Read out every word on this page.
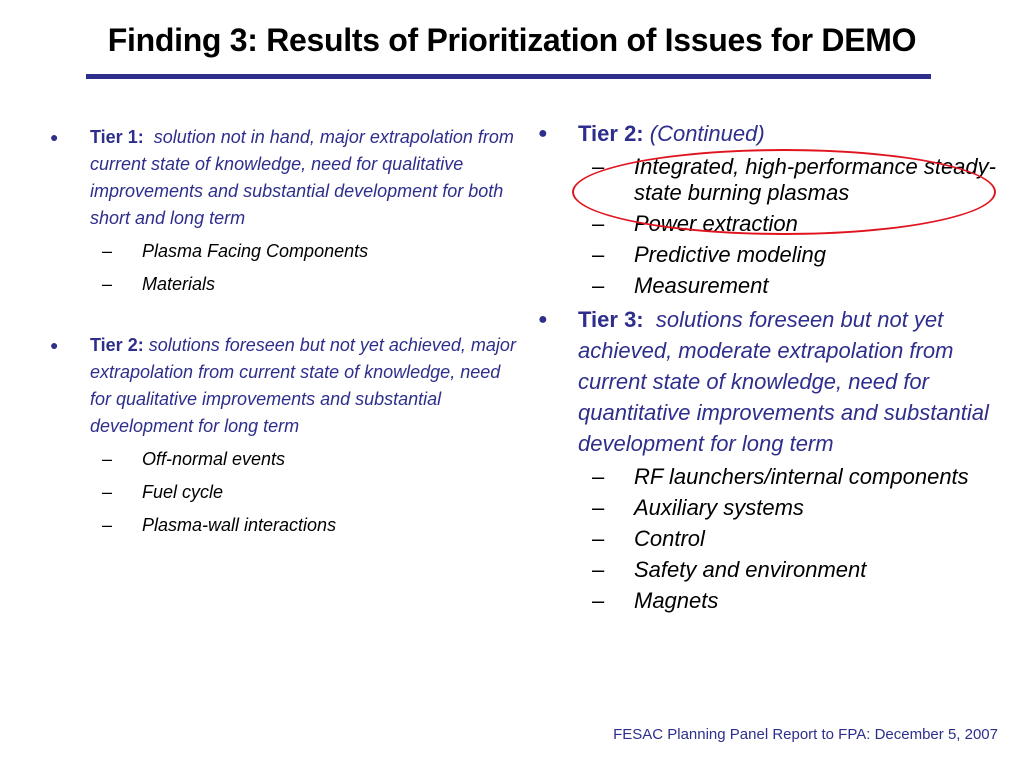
Finding 3: Results of Prioritization of Issues for DEMO
● Tier 1: solution not in hand, major extrapolation from current state of knowledge, need for qualitative improvements and substantial development for both short and long term
– Plasma Facing Components
– Materials
● Tier 2: solutions foreseen but not yet achieved, major extrapolation from current state of knowledge, need for qualitative improvements and substantial development for long term
– Off-normal events
– Fuel cycle
– Plasma-wall interactions
● Tier 2: (Continued)
– Integrated, high-performance steady-state burning plasmas
– Power extraction
– Predictive modeling
– Measurement
● Tier 3: solutions foreseen but not yet achieved, moderate extrapolation from current state of knowledge, need for quantitative improvements and substantial development for long term
– RF launchers/internal components
– Auxiliary systems
– Control
– Safety and environment
– Magnets
FESAC Planning Panel Report to FPA: December 5, 2007
